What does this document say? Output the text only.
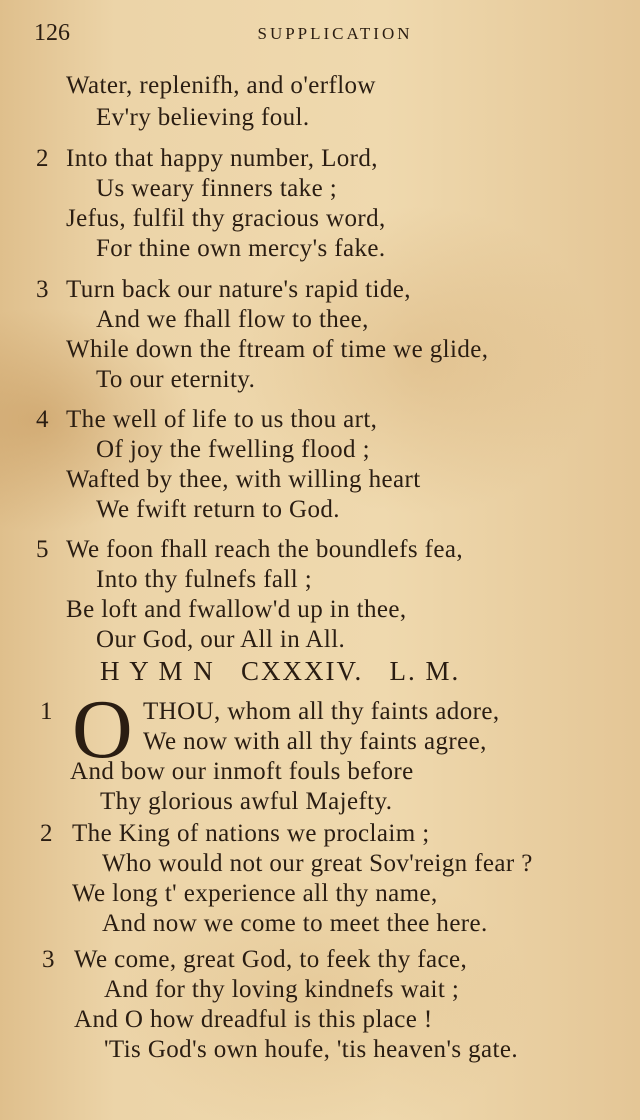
126	SUPPLICATION
Water, replenifh, and o'erflow
Ev'ry believing foul.
2 Into that happy number, Lord,
Us weary finners take ;
Jefus, fulfil thy gracious word,
For thine own mercy's fake.
3 Turn back our nature's rapid tide,
And we fhall flow to thee,
While down the ftream of time we glide,
To our eternity.
4 The well of life to us thou art,
Of joy the fwelling flood ;
Wafted by thee, with willing heart
We fwift return to God.
5 We foon fhall reach the boundlefs fea,
Into thy fulnefs fall ;
Be loft and fwallow'd up in thee,
Our God, our All in All.
H Y M N   CXXXIV.   L. M.
1 O THOU, whom all thy faints adore,
We now with all thy faints agree,
And bow our inmoft fouls before
Thy glorious awful Majefty.
2 The King of nations we proclaim ;
Who would not our great Sov'reign fear ?
We long t' experience all thy name,
And now we come to meet thee here.
3 We come, great God, to feek thy face,
And for thy loving kindnefs wait ;
And O how dreadful is this place !
'Tis God's own houfe, 'tis heaven's gate.
